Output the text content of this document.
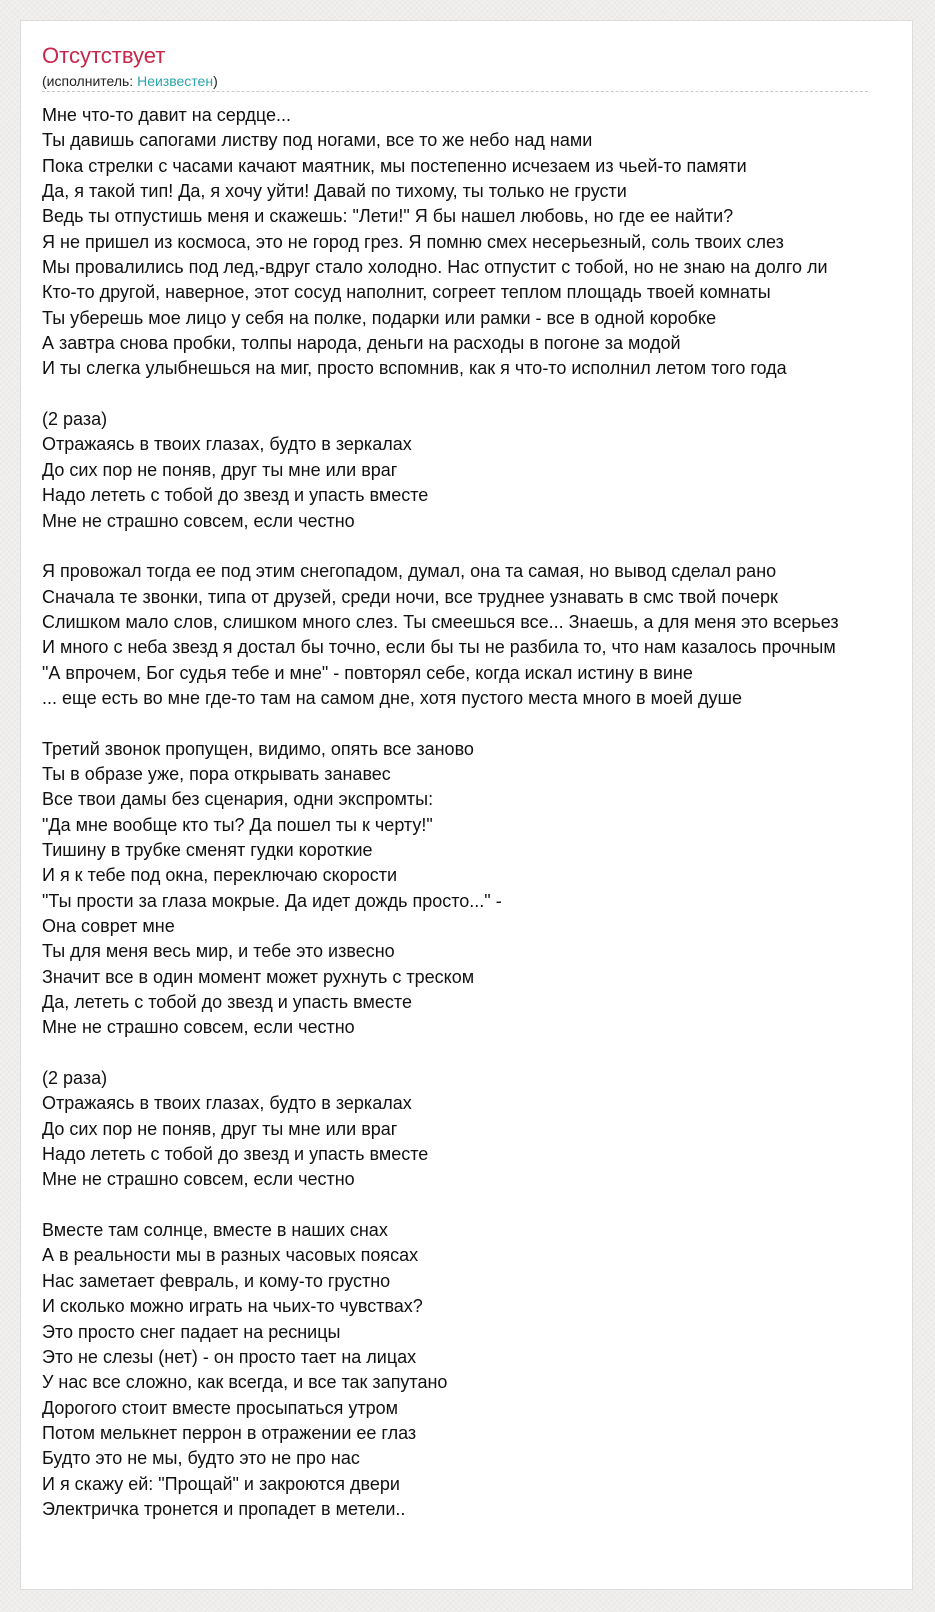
Отсутствует
(исполнитель: Неизвестен)
Мне что-то давит на сердце...
Ты давишь сапогами листву под ногами, все то же небо над нами
Пока стрелки с часами качают маятник, мы постепенно исчезаем из чьей-то памяти
Да, я такой тип! Да, я хочу уйти! Давай по тихому, ты только не грусти
Ведь ты отпустишь меня и скажешь: "Лети!" Я бы нашел любовь, но где ее найти?
Я не пришел из космоса, это не город грез. Я помню смех несерьезный, соль твоих слез
Мы провалились под лед,-вдруг стало холодно. Нас отпустит с тобой, но не знаю на долго ли
Кто-то другой, наверное, этот сосуд наполнит, согреет теплом площадь твоей комнаты
Ты уберешь мое лицо у себя на полке, подарки или рамки - все в одной коробке
А завтра снова пробки, толпы народа, деньги на расходы в погоне за модой
И ты слегка улыбнешься на миг, просто вспомнив, как я что-то исполнил летом того года
(2 раза)
Отражаясь в твоих глазах, будто в зеркалах
До сих пор не поняв, друг ты мне или враг
Надо лететь с тобой до звезд и упасть вместе
Мне не страшно совсем, если честно
Я провожал тогда ее под этим снегопадом, думал, она та самая, но вывод сделал рано
Сначала те звонки, типа от друзей, среди ночи, все труднее узнавать в смс твой почерк
Слишком мало слов, слишком много слез. Ты смеешься все... Знаешь, а для меня это всерьез
И много с неба звезд я достал бы точно, если бы ты не разбила то, что нам казалось прочным
"А впрочем, Бог судья тебе и мне" - повторял себе, когда искал истину в вине
... еще есть во мне где-то там на самом дне, хотя пустого места много в моей душе
Третий звонок пропущен, видимо, опять все заново
Ты в образе уже, пора открывать занавес
Все твои дамы без сценария, одни экспромты:
"Да мне вообще кто ты? Да пошел ты к черту!"
Тишину в трубке сменят гудки короткие
И я к тебе под окна, переключаю скорости
"Ты прости за глаза мокрые. Да идет дождь просто..." -
Она соврет мне
Ты для меня весь мир, и тебе это извесно
Значит все в один момент может рухнуть с треском
Да, лететь с тобой до звезд и упасть вместе
Мне не страшно совсем, если честно
(2 раза)
Отражаясь в твоих глазах, будто в зеркалах
До сих пор не поняв, друг ты мне или враг
Надо лететь с тобой до звезд и упасть вместе
Мне не страшно совсем, если честно
Вместе там солнце, вместе в наших снах
А в реальности мы в разных часовых поясах
Нас заметает февраль, и кому-то грустно
И сколько можно играть на чьих-то чувствах?
Это просто снег падает на ресницы
Это не слезы (нет) - он просто тает на лицах
У нас все сложно, как всегда, и все так запутано
Дорогого стоит вместе просыпаться утром
Потом мелькнет перрон в отражении ее глаз
Будто это не мы, будто это не про нас
И я скажу ей: "Прощай" и закроются двери
Электричка тронется и пропадет в метели..
